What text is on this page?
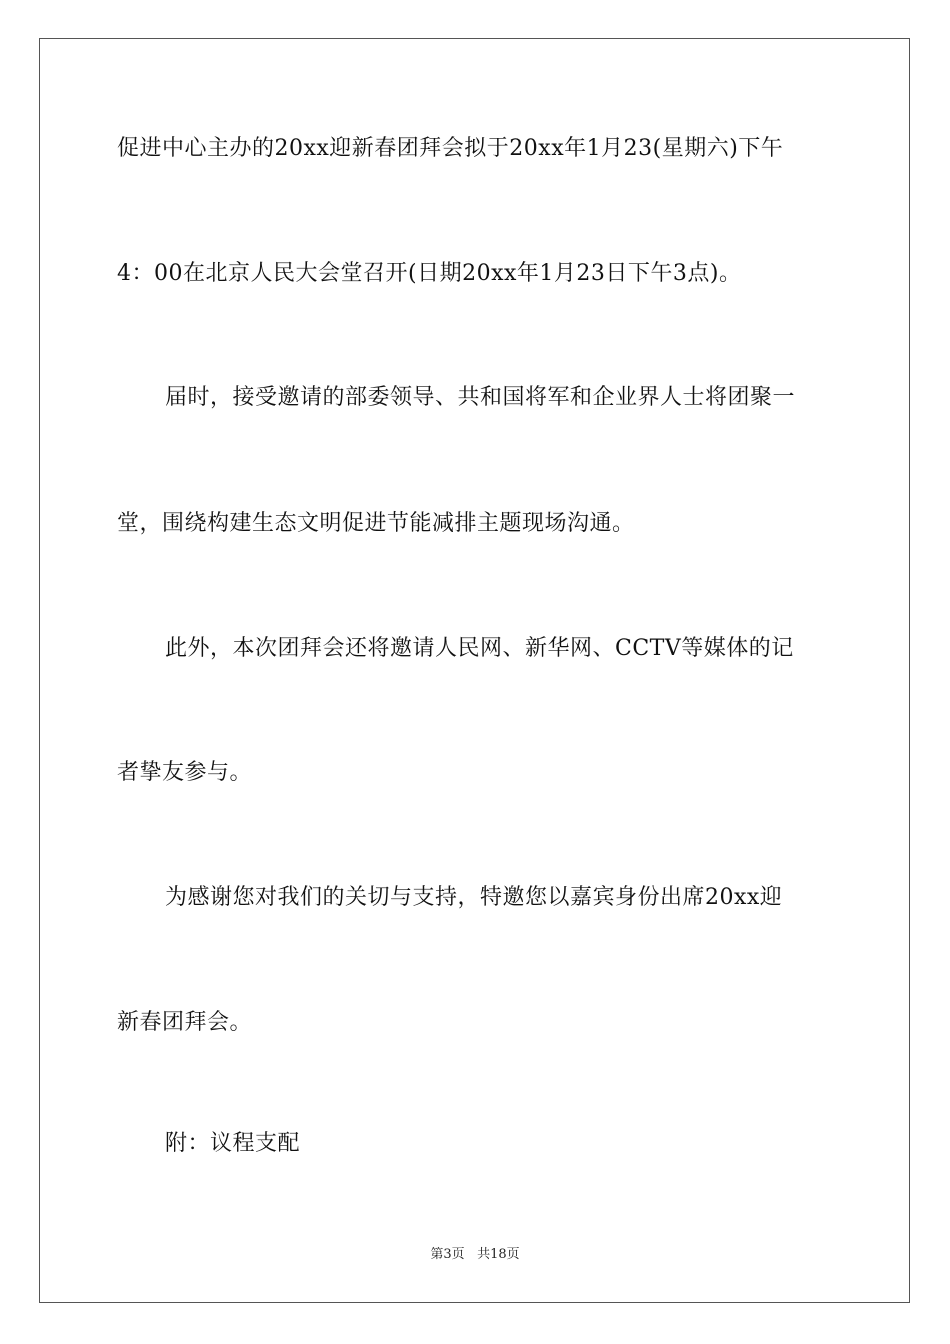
促进中心主办的20xx迎新春团拜会拟于20xx年1月23(星期六)下午
4：00在北京人民大会堂召开(日期20xx年1月23日下午3点)。
届时，接受邀请的部委领导、共和国将军和企业界人士将团聚一
堂，围绕构建生态文明促进节能减排主题现场沟通。
此外，本次团拜会还将邀请人民网、新华网、CCTV等媒体的记
者挚友参与。
为感谢您对我们的关切与支持，特邀您以嘉宾身份出席20xx迎
新春团拜会。
附：议程支配
第3页 共18页
